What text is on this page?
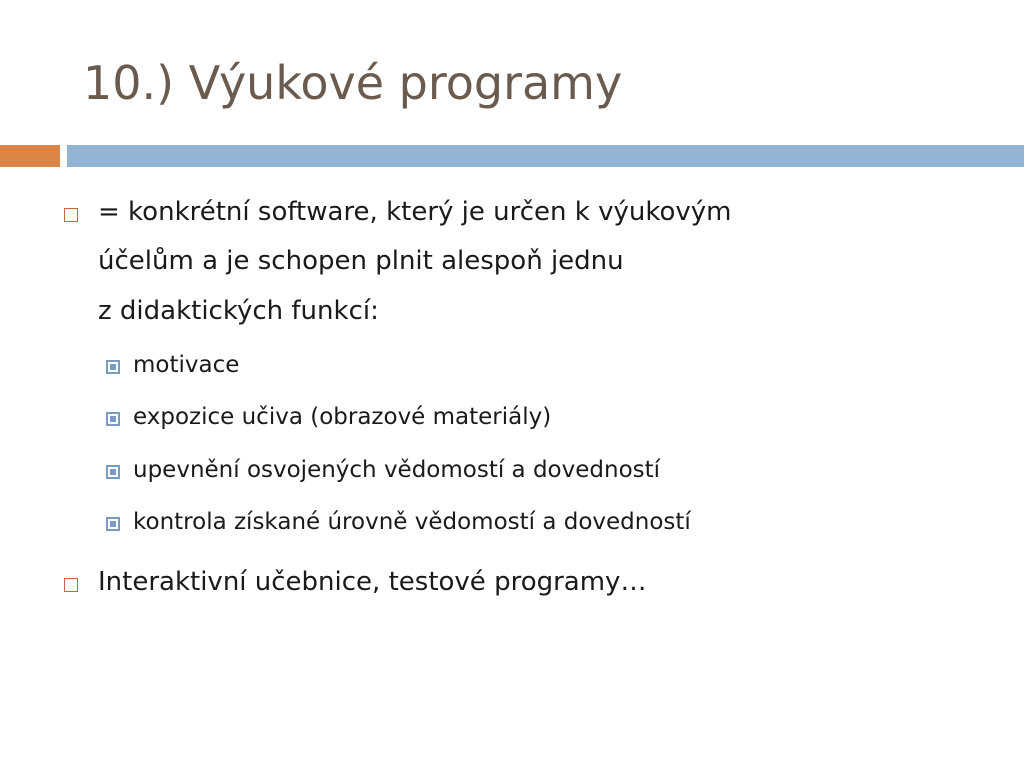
10.) Výukové programy
= konkrétní software, který je určen k výukovým
účelům a je schopen plnit alespoň jednu
z didaktických funkcí:
motivace
expozice učiva (obrazové materiály)
upevnění osvojených vědomostí a dovedností
kontrola získané úrovně vědomostí a dovedností
Interaktivní učebnice, testové programy…
